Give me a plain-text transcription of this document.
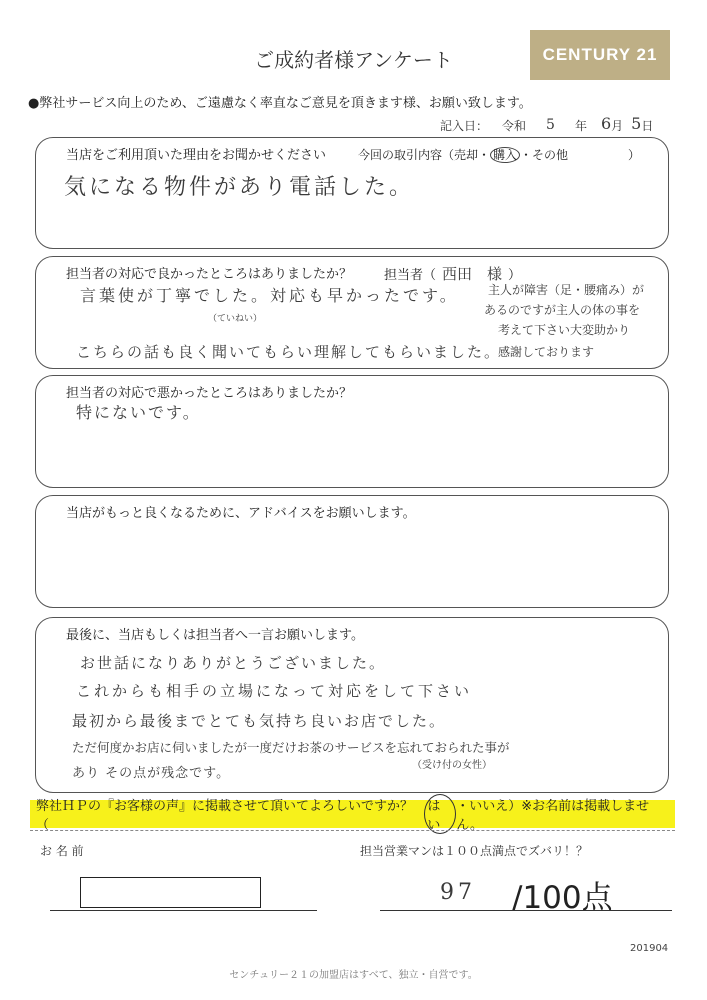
ご成約者様アンケート	CENTURY 21
●弊社サービス向上のため、ご遠慮なく率直なご意見を頂きます様、お願い致します。
記入日： 令和 5 年 6 月 5 日
当店をご利用頂いた理由をお聞かせください	今回の取引内容（売却・ 購入 ・その他　　　　　）
気になる物件があり電話した。
担当者の対応で良かったところはありましたか？ 担当者（ 西田　様 ）
言葉使が丁寧でした。対応も早かったです。
（ていねい）
こちらの話も良く聞いてもらい理解してもらいました。
主人が障害（足・腰痛み）が
あるのですが主人の体の事を
考えて下さい大変助かり
感謝しております
担当者の対応で悪かったところはありましたか？
特にないです。
当店がもっと良くなるために、アドバイスをお願いします。
最後に、当店もしくは担当者へ一言お願いします。
お世話になりありがとうございました。
これからも相手の立場になって対応をして下さい
最初から最後までとても気持ち良いお店でした。
ただ何度かお店に伺いましたが一度だけお茶のサービスを忘れておられた事が
（受け付の女性）
あり その点が残念です。
弊社ＨＰの『お客様の声』に掲載させて頂いてよろしいですか？（
はい
・いいえ）※お名前は掲載しません。
お 名 前	担当営業マンは１００点満点でズバリ！？
97 /100点
201904
センチュリー２１の加盟店はすべて、独立・自営です。
